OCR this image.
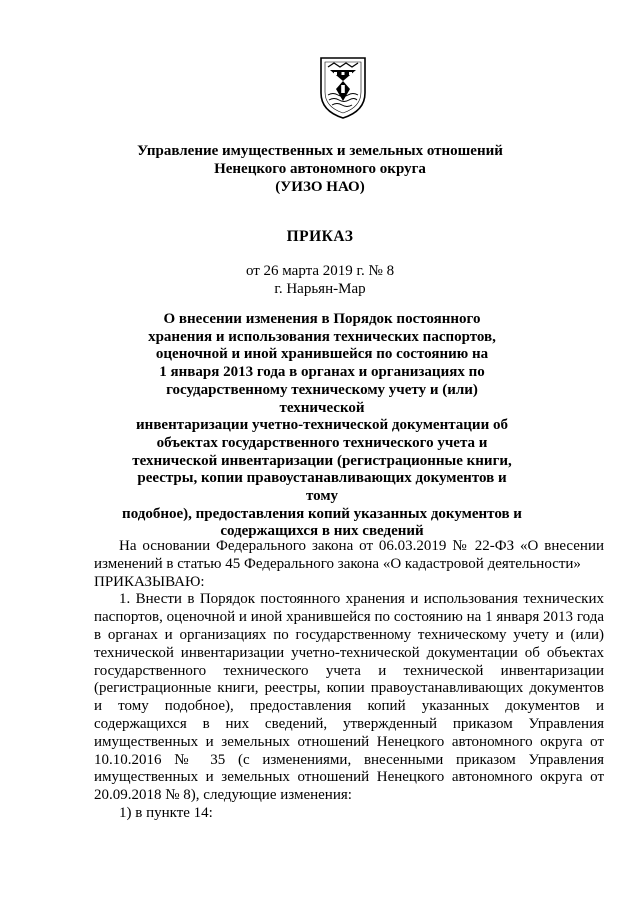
Управление имущественных и земельных отношений
Ненецкого автономного округа
(УИЗО НАО)
ПРИКАЗ
от 26 марта 2019 г. № 8
г. Нарьян-Мар
О внесении изменения в Порядок постоянного
хранения и использования технических паспортов,
оценочной и иной хранившейся по состоянию на
1 января 2013 года в органах и организациях по
государственному техническому учету и (или) технической
инвентаризации учетно-технической документации об
объектах государственного технического учета и
технической инвентаризации (регистрационные книги,
реестры, копии правоустанавливающих документов и тому
подобное), предоставления копий указанных документов и
содержащихся в них сведений

На основании Федерального закона от 06.03.2019 № 22-ФЗ «О внесении изменений в статью 45 Федерального закона «О кадастровой деятельности»

ПРИКАЗЫВАЮ:

1. Внести в Порядок постоянного хранения и использования технических паспортов, оценочной и иной хранившейся по состоянию на 1 января 2013 года в органах и организациях по государственному техническому учету и (или) технической инвентаризации учетно-технической документации об объектах государственного технического учета и технической инвентаризации (регистрационные книги, реестры, копии правоустанавливающих документов и тому подобное), предоставления копий указанных документов и содержащихся в них сведений, утвержденный приказом Управления имущественных и земельных отношений Ненецкого автономного округа от 10.10.2016 № 35 (с изменениями, внесенными приказом Управления имущественных и земельных отношений Ненецкого автономного округа от 20.09.2018 № 8), следующие изменения:

1) в пункте 14:
